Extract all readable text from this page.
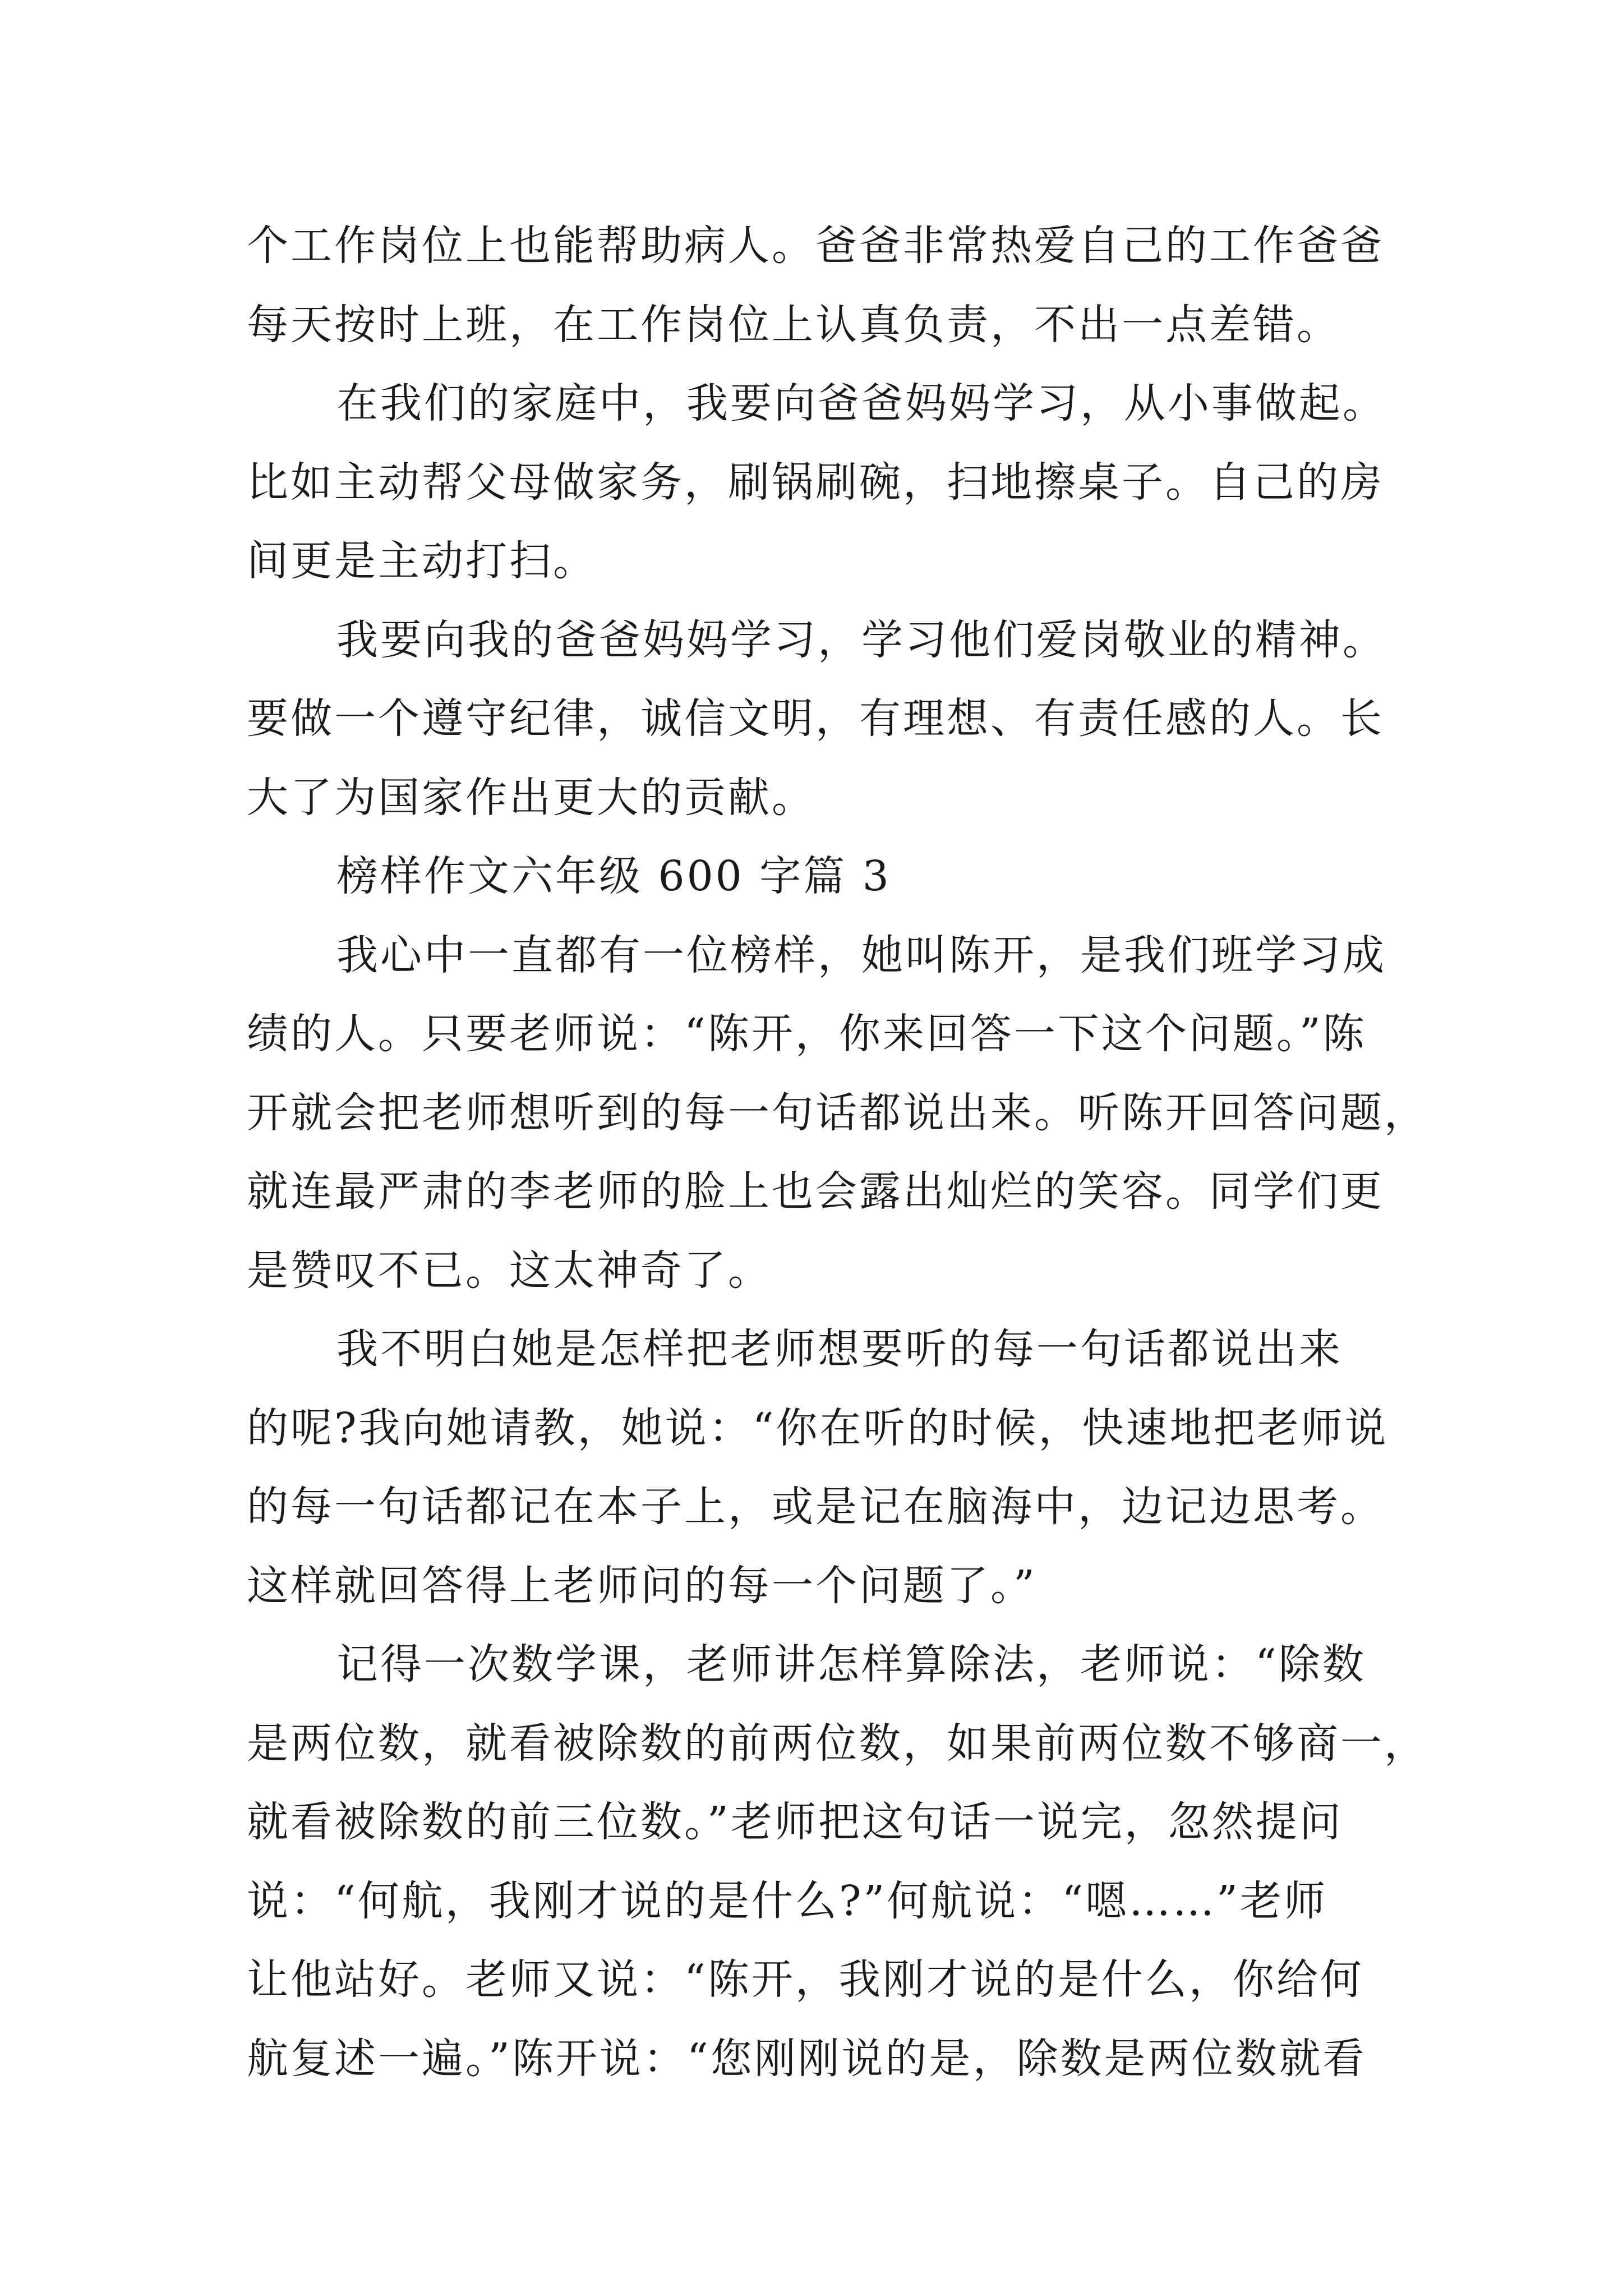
个工作岗位上也能帮助病人。爸爸非常热爱自己的工作爸爸
每天按时上班，在工作岗位上认真负责，不出一点差错。
在我们的家庭中，我要向爸爸妈妈学习，从小事做起。
比如主动帮父母做家务，刷锅刷碗，扫地擦桌子。自己的房
间更是主动打扫。
我要向我的爸爸妈妈学习，学习他们爱岗敬业的精神。
要做一个遵守纪律，诚信文明，有理想、有责任感的人。长
大了为国家作出更大的贡献。
榜样作文六年级 600 字篇 3
我心中一直都有一位榜样，她叫陈开，是我们班学习成
绩的人。只要老师说：“陈开，你来回答一下这个问题。”陈
开就会把老师想听到的每一句话都说出来。听陈开回答问题，
就连最严肃的李老师的脸上也会露出灿烂的笑容。同学们更
是赞叹不已。这太神奇了。
我不明白她是怎样把老师想要听的每一句话都说出来
的呢?我向她请教，她说：“你在听的时候，快速地把老师说
的每一句话都记在本子上，或是记在脑海中，边记边思考。
这样就回答得上老师问的每一个问题了。”
记得一次数学课，老师讲怎样算除法，老师说：“除数
是两位数，就看被除数的前两位数，如果前两位数不够商一，
就看被除数的前三位数。”老师把这句话一说完，忽然提问
说：“何航，我刚才说的是什么?”何航说：“嗯……”老师
让他站好。老师又说：“陈开，我刚才说的是什么，你给何
航复述一遍。”陈开说：“您刚刚说的是，除数是两位数就看
